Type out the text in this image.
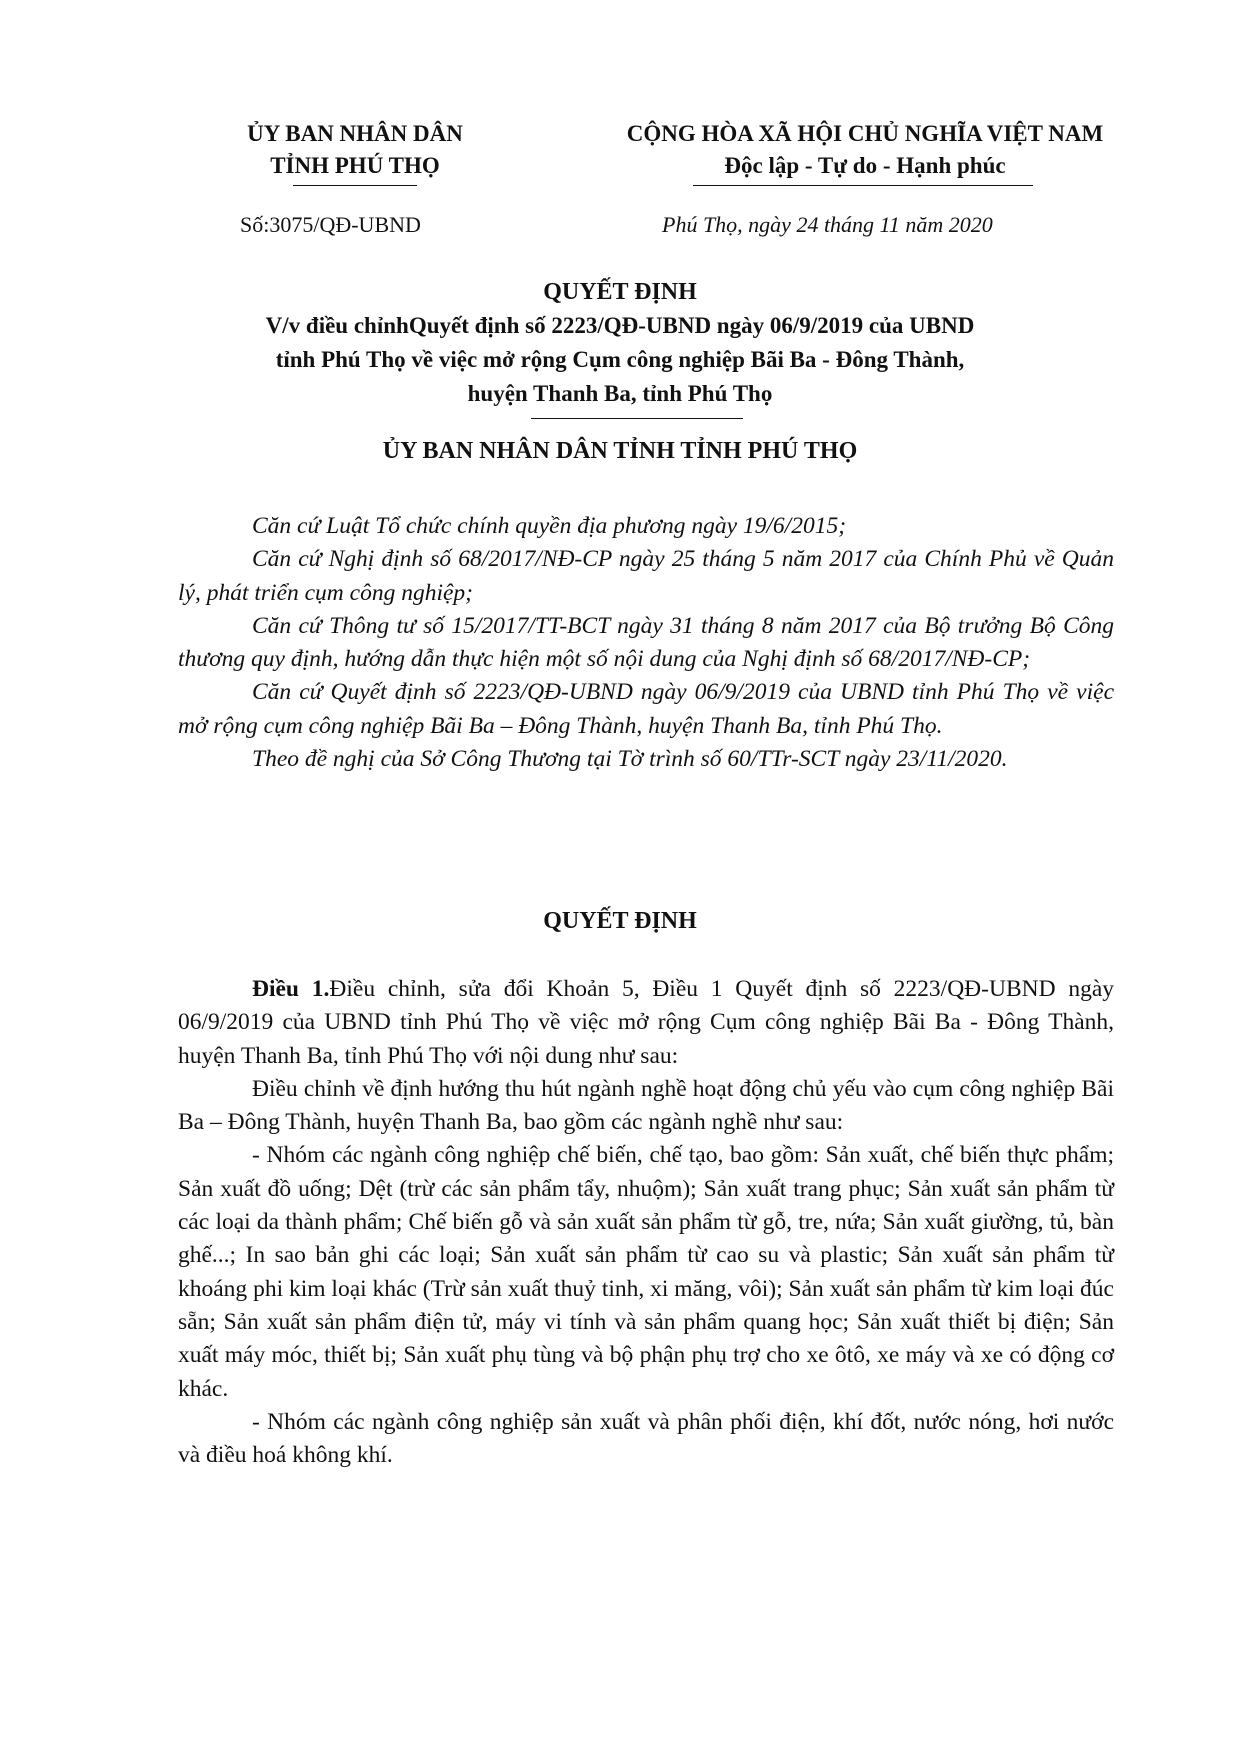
ỦY BAN NHÂN DÂN
TỈNH PHÚ THỌ
CỘNG HÒA XÃ HỘI CHỦ NGHĨA VIỆT NAM
Độc lập - Tự do - Hạnh phúc
Số:3075/QĐ-UBND	Phú Thọ, ngày 24 tháng 11 năm 2020
QUYẾT ĐỊNH
V/v điều chỉnhQuyết định số 2223/QĐ-UBND ngày 06/9/2019 của UBND
tỉnh Phú Thọ về việc mở rộng Cụm công nghiệp Bãi Ba - Đông Thành,
huyện Thanh Ba, tỉnh Phú Thọ
ỦY BAN NHÂN DÂN TỈNH TỈNH PHÚ THỌ

Căn cứ Luật Tổ chức chính quyền địa phương ngày 19/6/2015;

Căn cứ Nghị định số 68/2017/NĐ-CP ngày 25 tháng 5 năm 2017 của Chính Phủ về Quản lý, phát triển cụm công nghiệp;

Căn cứ Thông tư số 15/2017/TT-BCT ngày 31 tháng 8 năm 2017 của Bộ trưởng Bộ Công thương quy định, hướng dẫn thực hiện một số nội dung của Nghị định số 68/2017/NĐ-CP;

Căn cứ Quyết định số 2223/QĐ-UBND ngày 06/9/2019 của UBND tỉnh Phú Thọ về việc mở rộng cụm công nghiệp Bãi Ba – Đông Thành, huyện Thanh Ba, tỉnh Phú Thọ.

Theo đề nghị của Sở Công Thương tại Tờ trình số 60/TTr-SCT ngày 23/11/2020.

QUYẾT ĐỊNH

Điều 1.Điều chỉnh, sửa đổi Khoản 5, Điều 1 Quyết định số 2223/QĐ-UBND ngày 06/9/2019 của UBND tỉnh Phú Thọ về việc mở rộng Cụm công nghiệp Bãi Ba - Đông Thành, huyện Thanh Ba, tỉnh Phú Thọ với nội dung như sau:

Điều chỉnh về định hướng thu hút ngành nghề hoạt động chủ yếu vào cụm công nghiệp Bãi Ba – Đông Thành, huyện Thanh Ba, bao gồm các ngành nghề như sau:

- Nhóm các ngành công nghiệp chế biến, chế tạo, bao gồm: Sản xuất, chế biến thực phẩm; Sản xuất đồ uống; Dệt (trừ các sản phẩm tẩy, nhuộm); Sản xuất trang phục; Sản xuất sản phẩm từ các loại da thành phẩm; Chế biến gỗ và sản xuất sản phẩm từ gỗ, tre, nứa; Sản xuất giường, tủ, bàn ghế...; In sao bản ghi các loại; Sản xuất sản phẩm từ cao su và plastic; Sản xuất sản phẩm từ khoáng phi kim loại khác (Trừ sản xuất thuỷ tinh, xi măng, vôi); Sản xuất sản phẩm từ kim loại đúc sẵn; Sản xuất sản phẩm điện tử, máy vi tính và sản phẩm quang học; Sản xuất thiết bị điện; Sản xuất máy móc, thiết bị; Sản xuất phụ tùng và bộ phận phụ trợ cho xe ôtô, xe máy và xe có động cơ khác.

- Nhóm các ngành công nghiệp sản xuất và phân phối điện, khí đốt, nước nóng, hơi nước và điều hoá không khí.
